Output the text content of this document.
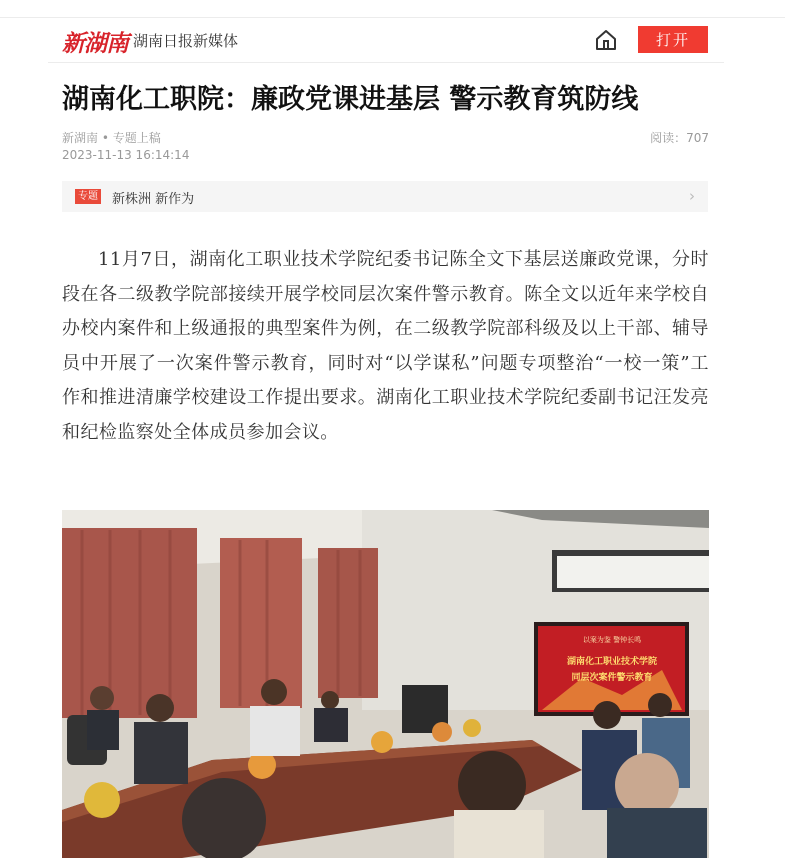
新湖南 湖南日报新媒体	打开
湖南化工职院：廉政党课进基层 警示教育筑防线
新湖南 • 专题上稿
2023-11-13 16:14:14
阅读：707
专题 新株洲 新作为	›

11月7日，湖南化工职业技术学院纪委书记陈全文下基层送廉政党课，分时段在各二级教学院部接续开展学校同层次案件警示教育。陈全文以近年来学校自办校内案件和上级通报的典型案件为例，在二级教学院部科级及以上干部、辅导员中开展了一次案件警示教育，同时对“以学谋私”问题专项整治“一校一策”工作和推进清廉学校建设工作提出要求。湖南化工职业技术学院纪委副书记汪发亮和纪检监察处全体成员参加会议。

以案为鉴 警钟长鸣
湖南化工职业技术学院
同层次案件警示教育
